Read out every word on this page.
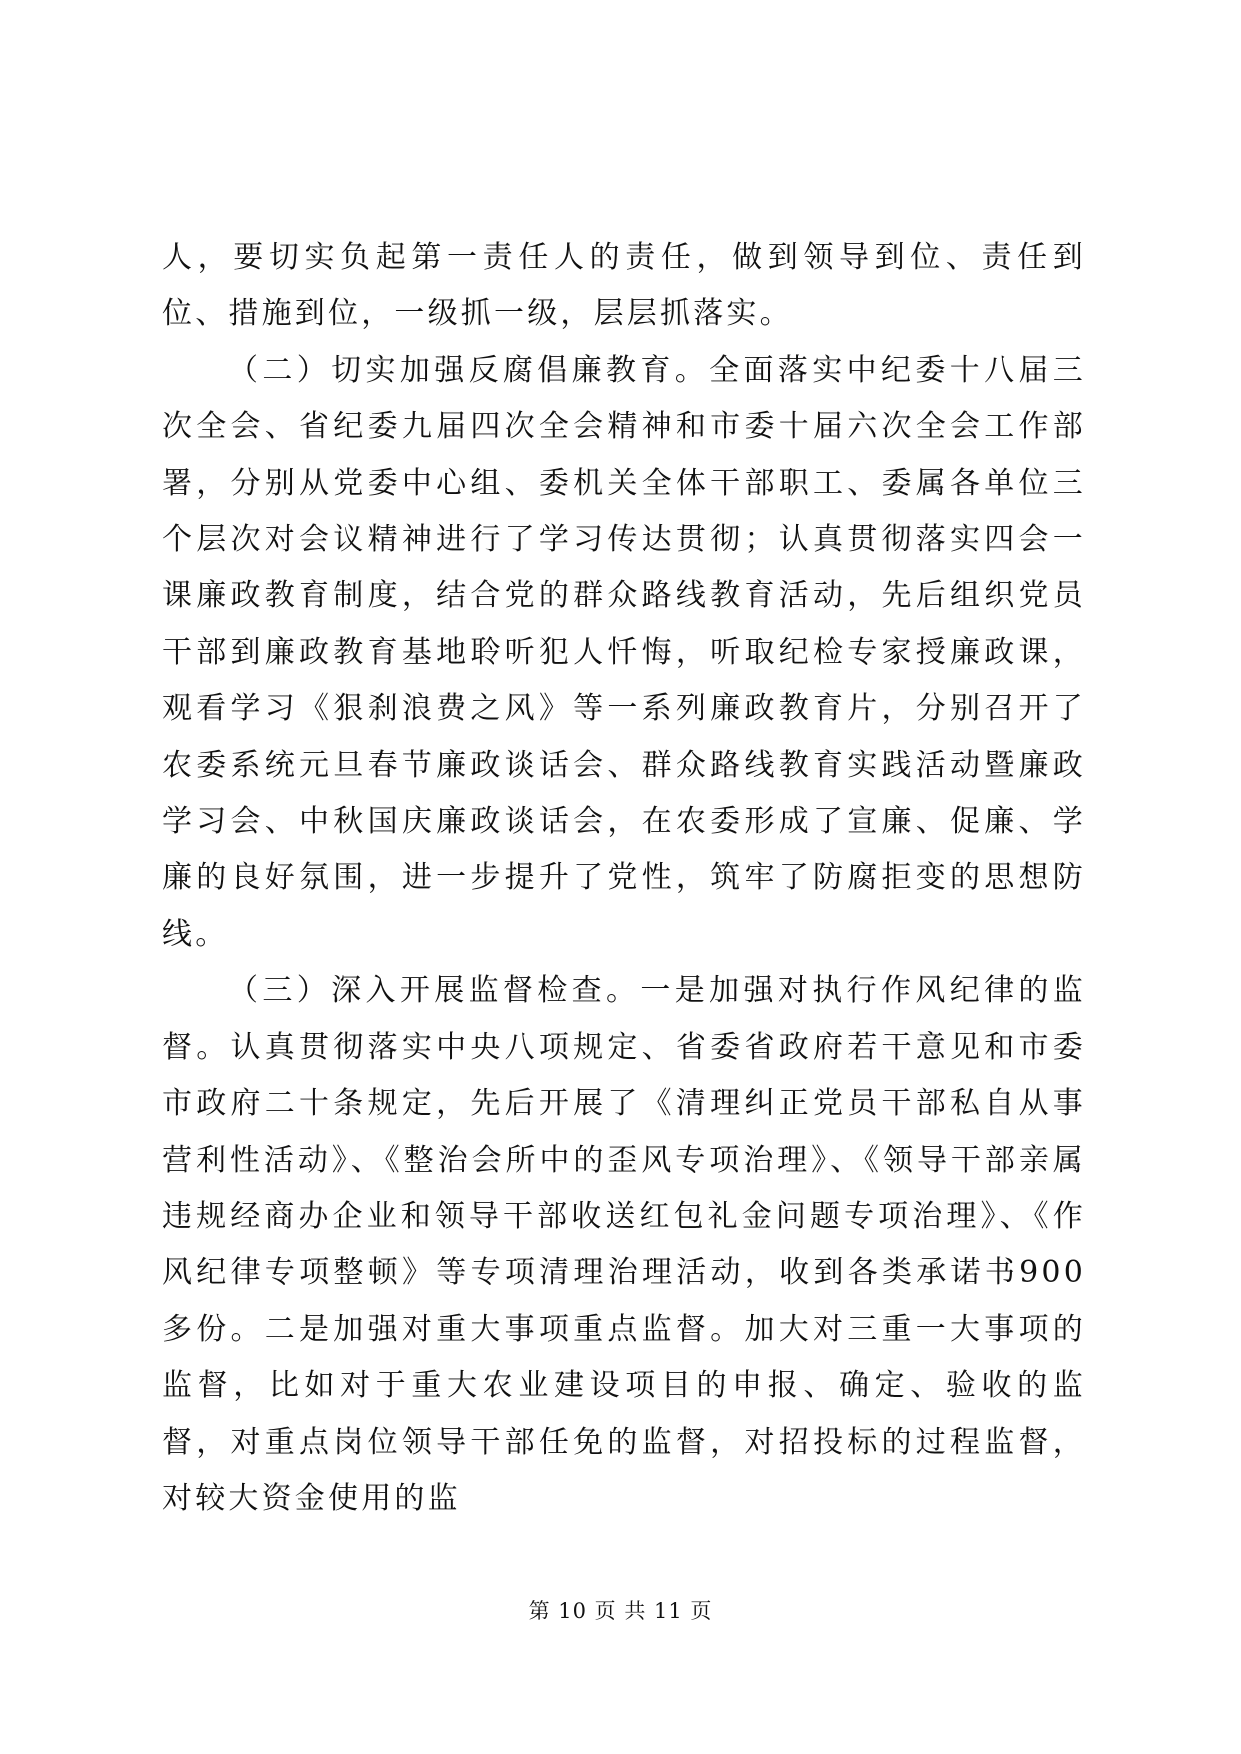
人，要切实负起第一责任人的责任，做到领导到位、责任到位、措施到位，一级抓一级，层层抓落实。

（二）切实加强反腐倡廉教育。全面落实中纪委十八届三次全会、省纪委九届四次全会精神和市委十届六次全会工作部署，分别从党委中心组、委机关全体干部职工、委属各单位三个层次对会议精神进行了学习传达贯彻；认真贯彻落实四会一课廉政教育制度，结合党的群众路线教育活动，先后组织党员干部到廉政教育基地聆听犯人忏悔，听取纪检专家授廉政课，观看学习《狠刹浪费之风》等一系列廉政教育片，分别召开了农委系统元旦春节廉政谈话会、群众路线教育实践活动暨廉政学习会、中秋国庆廉政谈话会，在农委形成了宣廉、促廉、学廉的良好氛围，进一步提升了党性，筑牢了防腐拒变的思想防线。

（三）深入开展监督检查。一是加强对执行作风纪律的监督。认真贯彻落实中央八项规定、省委省政府若干意见和市委市政府二十条规定，先后开展了《清理纠正党员干部私自从事营利性活动》、《整治会所中的歪风专项治理》、《领导干部亲属违规经商办企业和领导干部收送红包礼金问题专项治理》、《作风纪律专项整顿》等专项清理治理活动，收到各类承诺书900多份。二是加强对重大事项重点监督。加大对三重一大事项的监督，比如对于重大农业建设项目的申报、确定、验收的监督，对重点岗位领导干部任免的监督，对招投标的过程监督，对较大资金使用的监

第 10 页 共 11 页
